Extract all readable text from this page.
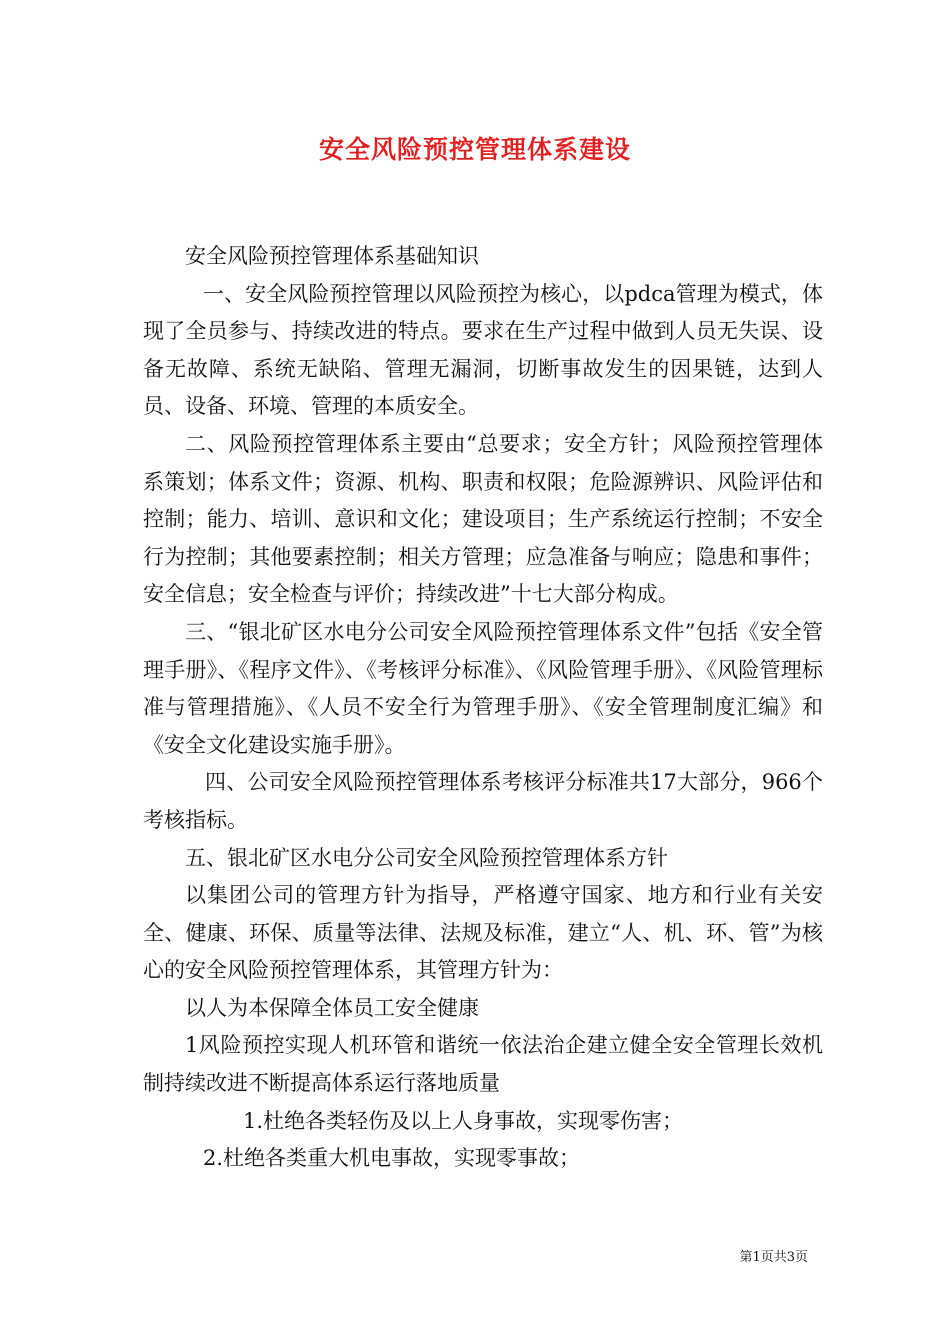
安全风险预控管理体系建设

安全风险预控管理体系基础知识

一、安全风险预控管理以风险预控为核心，以pdca管理为模式，体现了全员参与、持续改进的特点。要求在生产过程中做到人员无失误、设备无故障、系统无缺陷、管理无漏洞，切断事故发生的因果链，达到人员、设备、环境、管理的本质安全。

二、风险预控管理体系主要由“总要求；安全方针；风险预控管理体系策划；体系文件；资源、机构、职责和权限；危险源辨识、风险评估和控制；能力、培训、意识和文化；建设项目；生产系统运行控制；不安全行为控制；其他要素控制；相关方管理；应急准备与响应；隐患和事件；安全信息；安全检查与评价；持续改进”十七大部分构成。

三、“银北矿区水电分公司安全风险预控管理体系文件”包括《安全管理手册》、《程序文件》、《考核评分标准》、《风险管理手册》、《风险管理标准与管理措施》、《人员不安全行为管理手册》、《安全管理制度汇编》和《安全文化建设实施手册》。

四、公司安全风险预控管理体系考核评分标准共17大部分，966个考核指标。

五、银北矿区水电分公司安全风险预控管理体系方针

以集团公司的管理方针为指导，严格遵守国家、地方和行业有关安全、健康、环保、质量等法律、法规及标准，建立“人、机、环、管”为核心的安全风险预控管理体系，其管理方针为：

以人为本保障全体员工安全健康

1风险预控实现人机环管和谐统一依法治企建立健全安全管理长效机制持续改进不断提高体系运行落地质量

1.杜绝各类轻伤及以上人身事故，实现零伤害；

2.杜绝各类重大机电事故，实现零事故；

第1页共3页
